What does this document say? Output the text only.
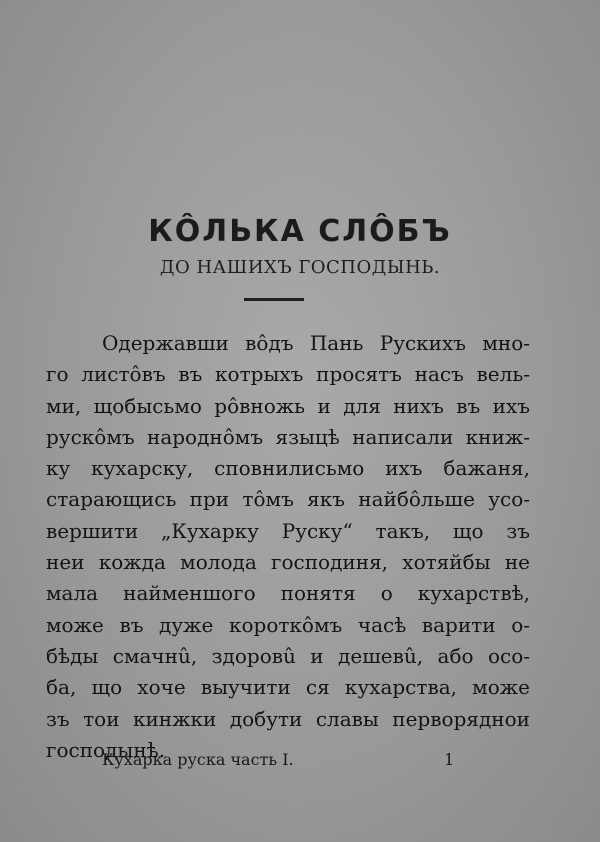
КÔЛЬКА СЛÔБЪ
ДО НАШИХЪ ГОСПОДЫНЬ.
Одержавши вôдъ Пань Рускихъ мно-
го листôвъ въ котрыхъ просятъ насъ вель-
ми, щобысьмо рôвножь и для нихъ въ ихъ
рускôмъ народнôмъ языцѣ написали книж-
ку кухарску, сповнилисьмо ихъ бажаня,
старающись при тôмъ якъ найбôльше усо-
вершити „Кухарку Руску“ такъ, що зъ
неи кожда молода господиня, хотяйбы не
мала найменшого понятя о кухарствѣ,
може въ дуже короткôмъ часѣ варити о-
бѣды смачнû, здоровû и дешевû, або осо-
ба, що хоче выучити ся кухарства, може
зъ тои кинжки добути славы перворяднои
господынѣ.
Кухарка руска часть I.	1
